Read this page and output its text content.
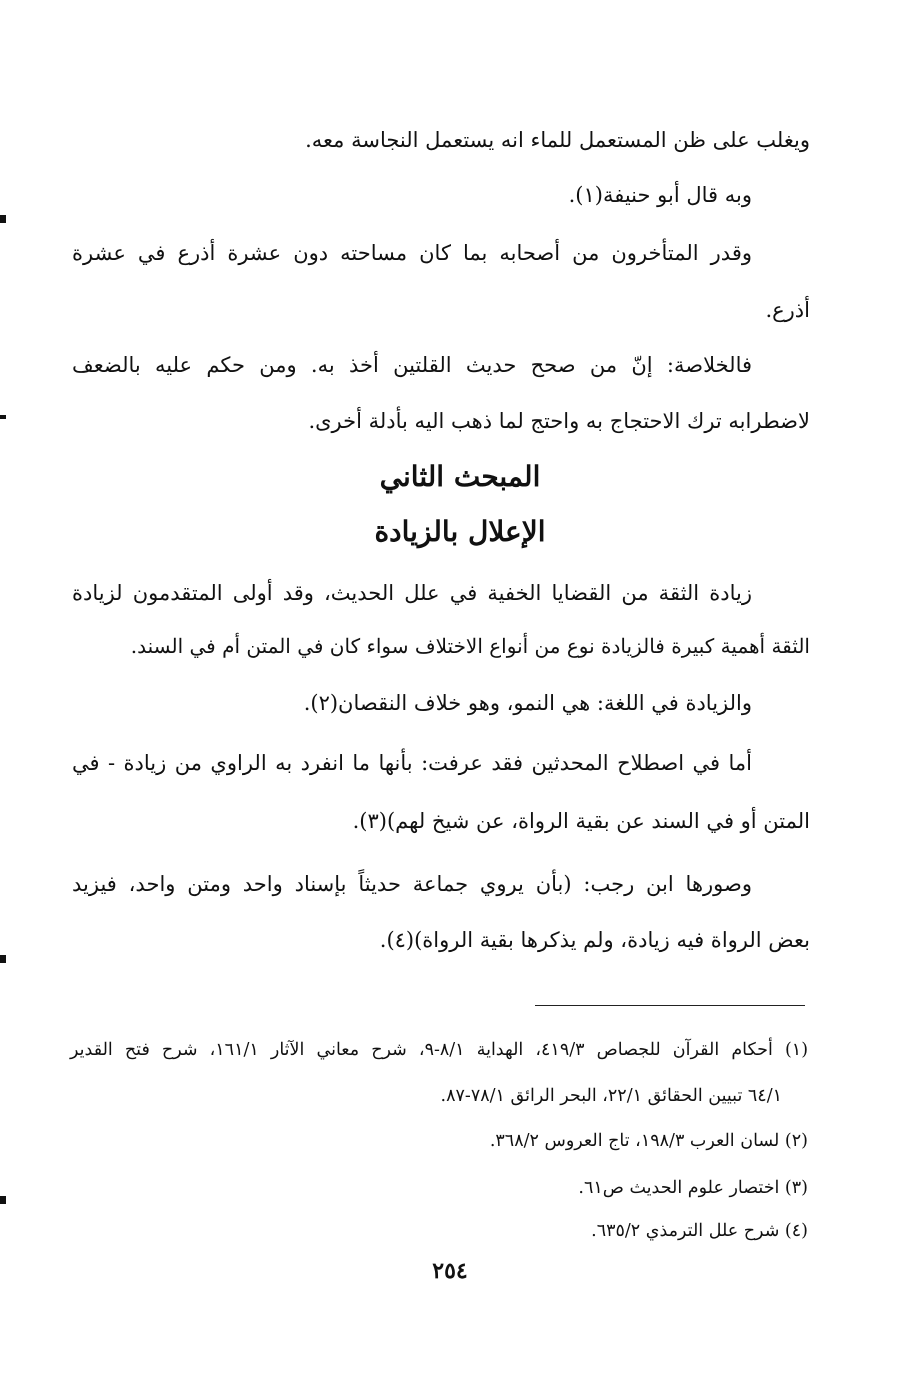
ويغلب على ظن المستعمل للماء انه يستعمل النجاسة معه.
وبه قال أبو حنيفة(١).
وقدر المتأخرون من أصحابه بما كان مساحته دون عشرة أذرع في عشرة
أذرع.
فالخلاصة: إنّ من صحح حديث القلتين أخذ به. ومن حكم عليه بالضعف
لاضطرابه ترك الاحتجاج به واحتج لما ذهب اليه بأدلة أخرى.
المبحث الثاني
الإعلال بالزيادة
زيادة الثقة من القضايا الخفية في علل الحديث، وقد أولى المتقدمون لزيادة
الثقة أهمية كبيرة فالزيادة نوع من أنواع الاختلاف سواء كان في المتن أم في السند.
والزيادة في اللغة: هي النمو، وهو خلاف النقصان(٢).
أما في اصطلاح المحدثين فقد عرفت: بأنها ما انفرد به الراوي من زيادة - في
المتن أو في السند عن بقية الرواة، عن شيخ لهم)(٣).
وصورها ابن رجب: (بأن يروي جماعة حديثاً بإسناد واحد ومتن واحد، فيزيد
بعض الرواة فيه زيادة، ولم يذكرها بقية الرواة)(٤).
(١) أحكام القرآن للجصاص ٤١٩/٣، الهداية ٨/١-٩، شرح معاني الآثار ١٦١/١، شرح فتح القدير
٦٤/١ تبيين الحقائق ٢٢/١، البحر الرائق ٧٨/١-٨٧.
(٢) لسان العرب ١٩٨/٣، تاج العروس ٣٦٨/٢.
(٣) اختصار علوم الحديث ص٦١.
(٤) شرح علل الترمذي ٦٣٥/٢.
٢٥٤
